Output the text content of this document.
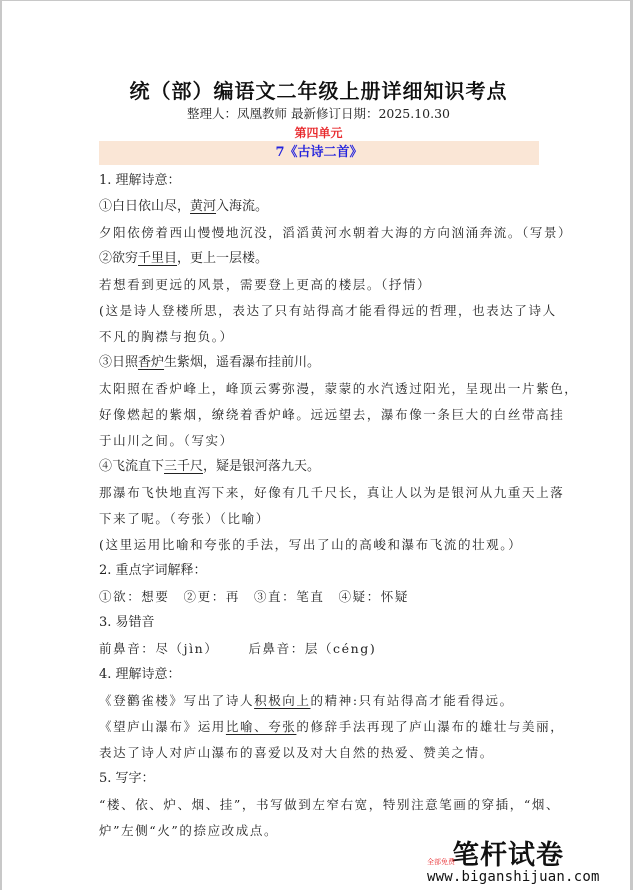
统（部）编语文二年级上册详细知识考点
整理人：凤凰教师 最新修订日期：2025.10.30
第四单元
7《古诗二首》
1. 理解诗意：
①白日依山尽，黄河入海流。
夕阳依傍着西山慢慢地沉没，滔滔黄河水朝着大海的方向汹涌奔流。（写景）
②欲穷千里目，更上一层楼。
若想看到更远的风景，需要登上更高的楼层。（抒情）
(这是诗人登楼所思，表达了只有站得高才能看得远的哲理，也表达了诗人
不凡的胸襟与抱负。）
③日照香炉生紫烟，遥看瀑布挂前川。
太阳照在香炉峰上，峰顶云雾弥漫，蒙蒙的水汽透过阳光，呈现出一片紫色，
好像燃起的紫烟，缭绕着香炉峰。远远望去，瀑布像一条巨大的白丝带高挂
于山川之间。（写实）
④飞流直下三千尺，疑是银河落九天。
那瀑布飞快地直泻下来，好像有几千尺长，真让人以为是银河从九重天上落
下来了呢。（夸张）（比喻）
(这里运用比喻和夸张的手法，写出了山的高峻和瀑布飞流的壮观。）
2. 重点字词解释：
①欲：想要 ②更：再 ③直：笔直 ④疑：怀疑
3. 易错音
前鼻音：尽（jìn） 后鼻音：层（céng)
4. 理解诗意：
《登鹳雀楼》写出了诗人积极向上的精神:只有站得高才能看得远。
《望庐山瀑布》运用比喻、夸张的修辞手法再现了庐山瀑布的雄壮与美丽，
表达了诗人对庐山瀑布的喜爱以及对大自然的热爱、赞美之情。
5. 写字：
“楼、依、炉、烟、挂”，书写做到左窄右宽，特别注意笔画的穿插，“烟、
炉”左侧“火”的捺应改成点。
笔杆试卷
全部免费
www.biganshijuan.com
